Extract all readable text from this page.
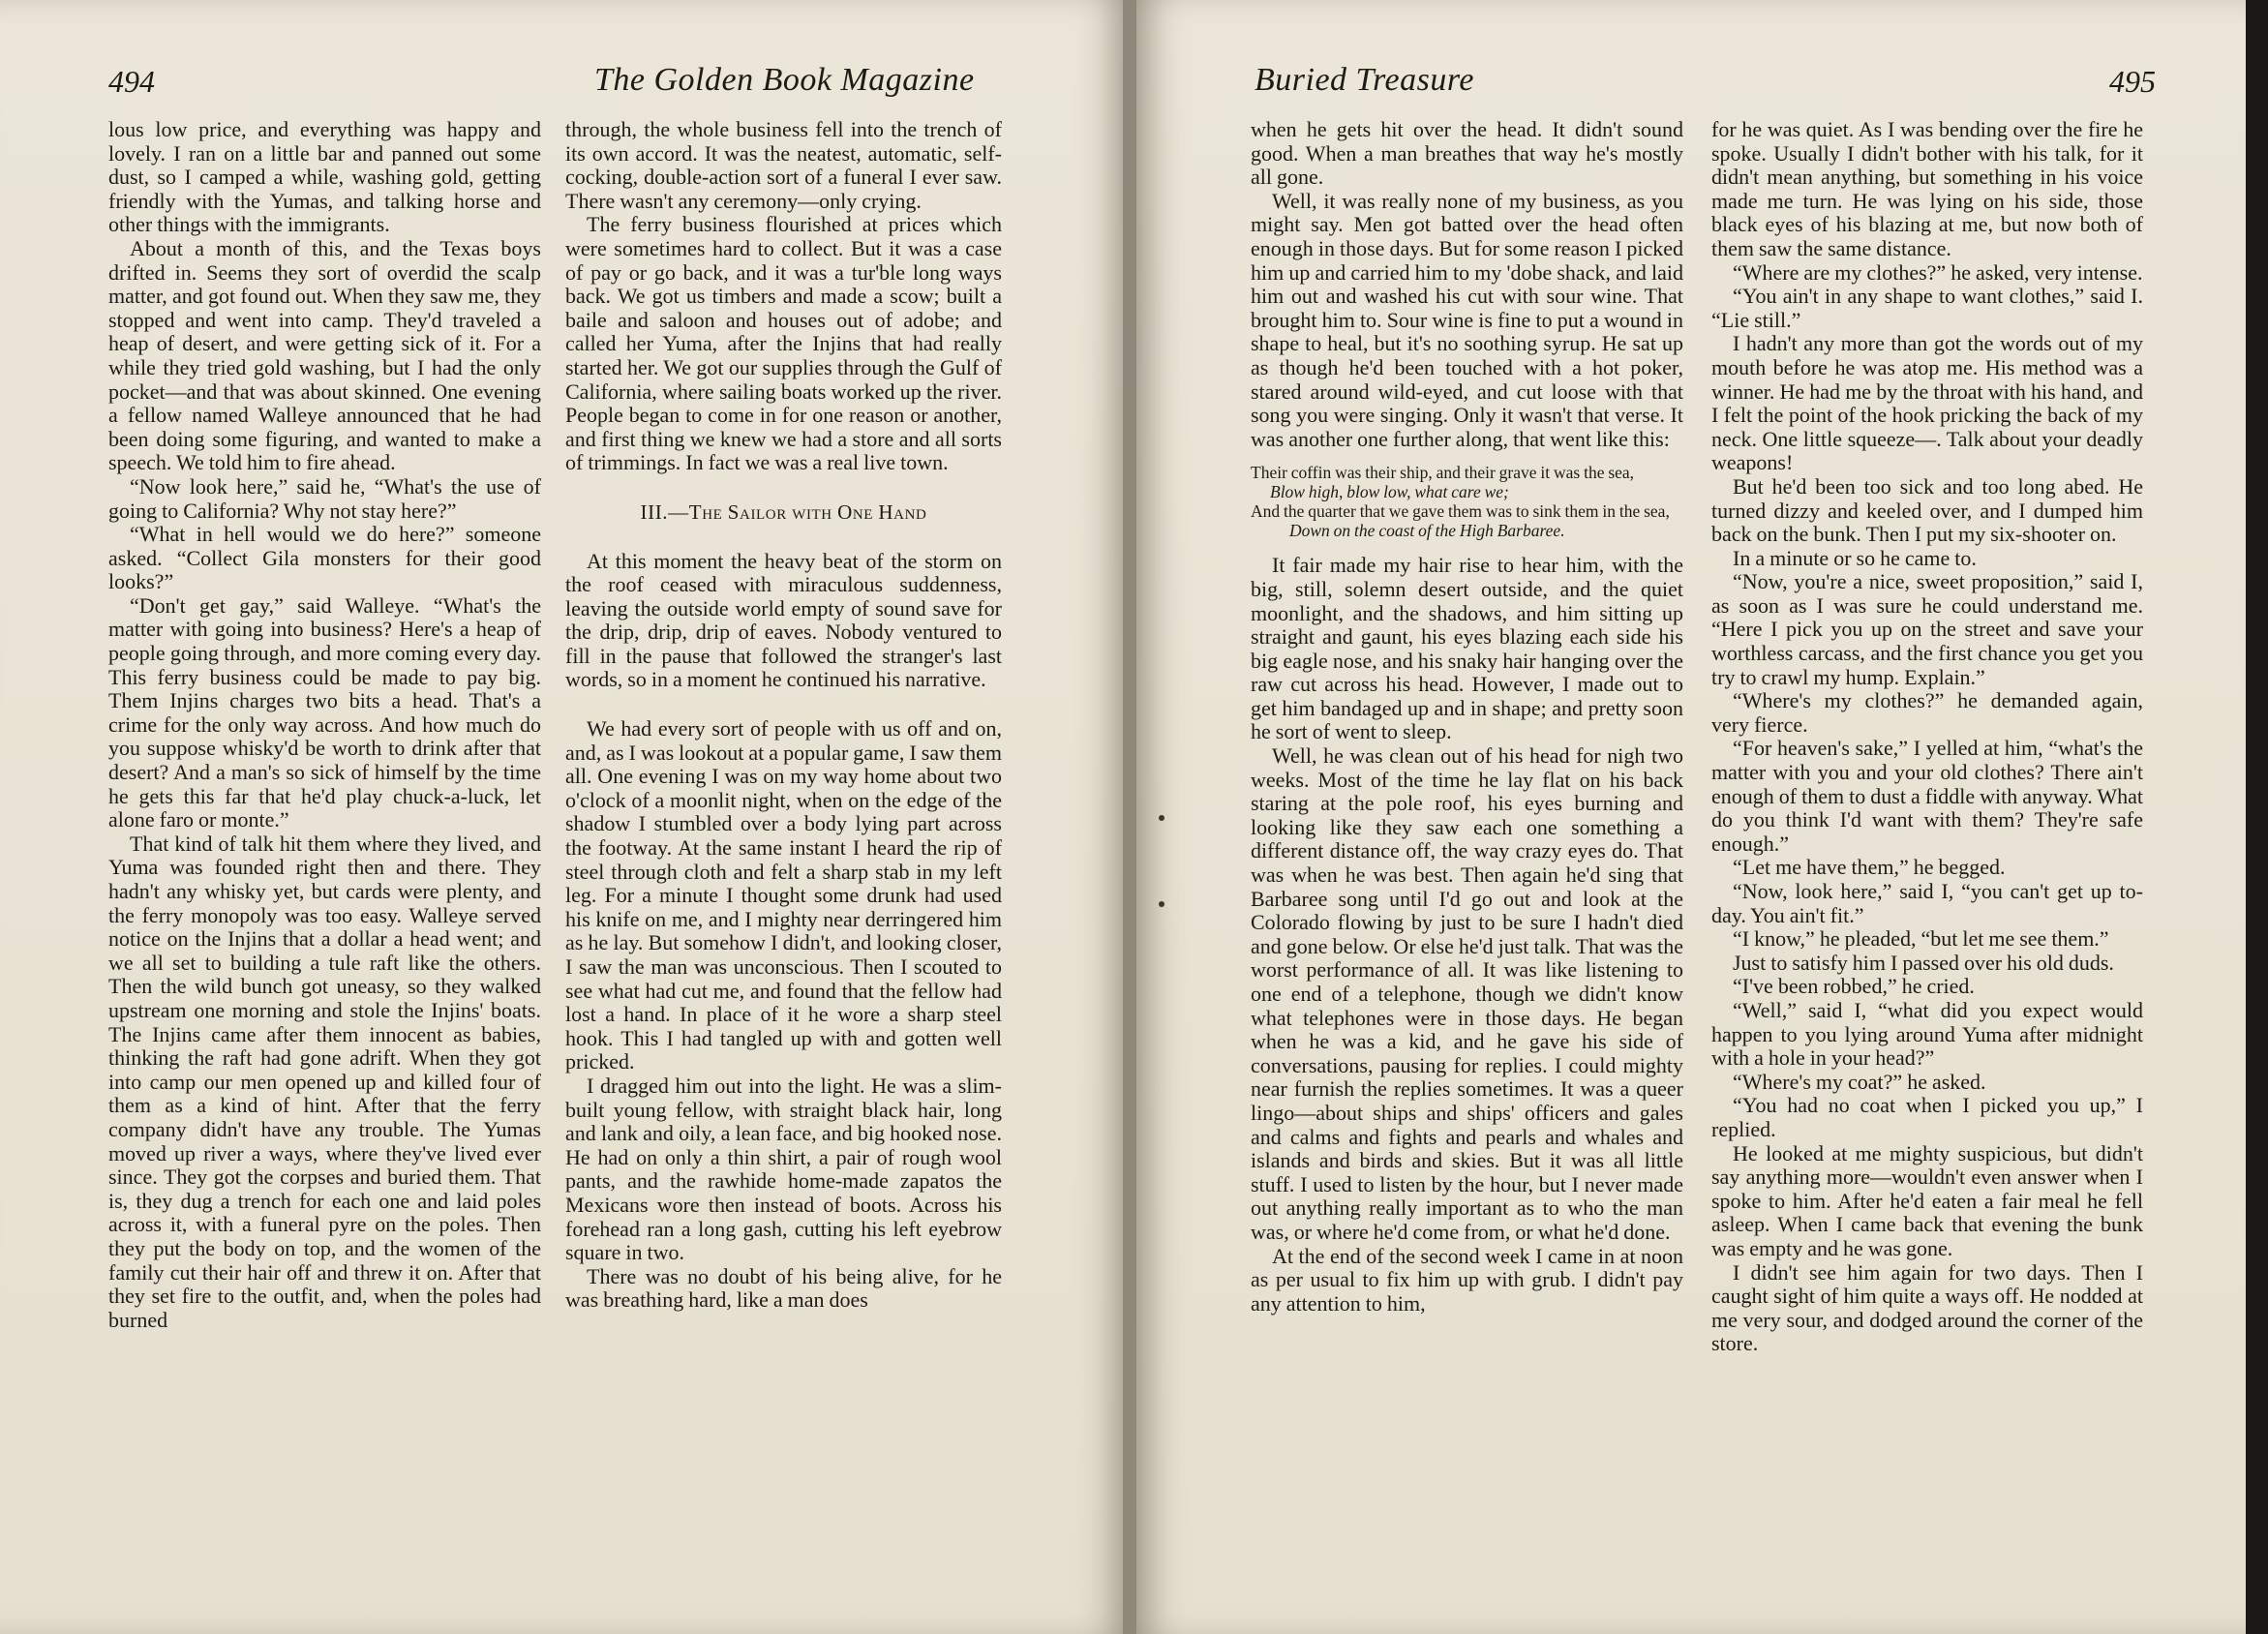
494	The Golden Book Magazine

lous low price, and everything was happy and lovely. I ran on a little bar and panned out some dust, so I camped a while, washing gold, getting friendly with the Yumas, and talking horse and other things with the immigrants.

About a month of this, and the Texas boys drifted in. Seems they sort of overdid the scalp matter, and got found out. When they saw me, they stopped and went into camp. They'd traveled a heap of desert, and were getting sick of it. For a while they tried gold washing, but I had the only pocket—and that was about skinned. One evening a fellow named Walleye announced that he had been doing some figuring, and wanted to make a speech. We told him to fire ahead.

“Now look here,” said he, “What's the use of going to California? Why not stay here?”

“What in hell would we do here?” someone asked. “Collect Gila monsters for their good looks?”

“Don't get gay,” said Walleye. “What's the matter with going into business? Here's a heap of people going through, and more coming every day. This ferry business could be made to pay big. Them Injins charges two bits a head. That's a crime for the only way across. And how much do you suppose whisky'd be worth to drink after that desert? And a man's so sick of himself by the time he gets this far that he'd play chuck-a-luck, let alone faro or monte.”

That kind of talk hit them where they lived, and Yuma was founded right then and there. They hadn't any whisky yet, but cards were plenty, and the ferry monopoly was too easy. Walleye served notice on the Injins that a dollar a head went; and we all set to building a tule raft like the others. Then the wild bunch got uneasy, so they walked upstream one morning and stole the Injins' boats. The Injins came after them innocent as babies, thinking the raft had gone adrift. When they got into camp our men opened up and killed four of them as a kind of hint. After that the ferry company didn't have any trouble. The Yumas moved up river a ways, where they've lived ever since. They got the corpses and buried them. That is, they dug a trench for each one and laid poles across it, with a funeral pyre on the poles. Then they put the body on top, and the women of the family cut their hair off and threw it on. After that they set fire to the outfit, and, when the poles had burned

through, the whole business fell into the trench of its own accord. It was the neatest, automatic, self-cocking, double-action sort of a funeral I ever saw. There wasn't any ceremony—only crying.

The ferry business flourished at prices which were sometimes hard to collect. But it was a case of pay or go back, and it was a tur'ble long ways back. We got us timbers and made a scow; built a baile and saloon and houses out of adobe; and called her Yuma, after the Injins that had really started her. We got our supplies through the Gulf of California, where sailing boats worked up the river. People began to come in for one reason or another, and first thing we knew we had a store and all sorts of trimmings. In fact we was a real live town.

III.—The Sailor with One Hand

At this moment the heavy beat of the storm on the roof ceased with miraculous suddenness, leaving the outside world empty of sound save for the drip, drip, drip of eaves. Nobody ventured to fill in the pause that followed the stranger's last words, so in a moment he continued his narrative.

We had every sort of people with us off and on, and, as I was lookout at a popular game, I saw them all. One evening I was on my way home about two o'clock of a moonlit night, when on the edge of the shadow I stumbled over a body lying part across the footway. At the same instant I heard the rip of steel through cloth and felt a sharp stab in my left leg. For a minute I thought some drunk had used his knife on me, and I mighty near derringered him as he lay. But somehow I didn't, and looking closer, I saw the man was unconscious. Then I scouted to see what had cut me, and found that the fellow had lost a hand. In place of it he wore a sharp steel hook. This I had tangled up with and gotten well pricked.

I dragged him out into the light. He was a slim-built young fellow, with straight black hair, long and lank and oily, a lean face, and big hooked nose. He had on only a thin shirt, a pair of rough wool pants, and the rawhide home-made zapatos the Mexicans wore then instead of boots. Across his forehead ran a long gash, cutting his left eyebrow square in two.

There was no doubt of his being alive, for he was breathing hard, like a man does

Buried Treasure	495

when he gets hit over the head. It didn't sound good. When a man breathes that way he's mostly all gone.

Well, it was really none of my business, as you might say. Men got batted over the head often enough in those days. But for some reason I picked him up and carried him to my 'dobe shack, and laid him out and washed his cut with sour wine. That brought him to. Sour wine is fine to put a wound in shape to heal, but it's no soothing syrup. He sat up as though he'd been touched with a hot poker, stared around wild-eyed, and cut loose with that song you were singing. Only it wasn't that verse. It was another one further along, that went like this:

Their coffin was their ship, and their grave it was the sea,
Blow high, blow low, what care we;
And the quarter that we gave them was to sink them in the sea,
Down on the coast of the High Barbaree.

It fair made my hair rise to hear him, with the big, still, solemn desert outside, and the quiet moonlight, and the shadows, and him sitting up straight and gaunt, his eyes blazing each side his big eagle nose, and his snaky hair hanging over the raw cut across his head. However, I made out to get him bandaged up and in shape; and pretty soon he sort of went to sleep.

Well, he was clean out of his head for nigh two weeks. Most of the time he lay flat on his back staring at the pole roof, his eyes burning and looking like they saw each one something a different distance off, the way crazy eyes do. That was when he was best. Then again he'd sing that Barbaree song until I'd go out and look at the Colorado flowing by just to be sure I hadn't died and gone below. Or else he'd just talk. That was the worst performance of all. It was like listening to one end of a telephone, though we didn't know what telephones were in those days. He began when he was a kid, and he gave his side of conversations, pausing for replies. I could mighty near furnish the replies sometimes. It was a queer lingo—about ships and ships' officers and gales and calms and fights and pearls and whales and islands and birds and skies. But it was all little stuff. I used to listen by the hour, but I never made out anything really important as to who the man was, or where he'd come from, or what he'd done.

At the end of the second week I came in at noon as per usual to fix him up with grub. I didn't pay any attention to him,

for he was quiet. As I was bending over the fire he spoke. Usually I didn't bother with his talk, for it didn't mean anything, but something in his voice made me turn. He was lying on his side, those black eyes of his blazing at me, but now both of them saw the same distance.

“Where are my clothes?” he asked, very intense.

“You ain't in any shape to want clothes,” said I. “Lie still.”

I hadn't any more than got the words out of my mouth before he was atop me. His method was a winner. He had me by the throat with his hand, and I felt the point of the hook pricking the back of my neck. One little squeeze—. Talk about your deadly weapons!

But he'd been too sick and too long abed. He turned dizzy and keeled over, and I dumped him back on the bunk. Then I put my six-shooter on.

In a minute or so he came to.

“Now, you're a nice, sweet proposition,” said I, as soon as I was sure he could understand me. “Here I pick you up on the street and save your worthless carcass, and the first chance you get you try to crawl my hump. Explain.”

“Where's my clothes?” he demanded again, very fierce.

“For heaven's sake,” I yelled at him, “what's the matter with you and your old clothes? There ain't enough of them to dust a fiddle with anyway. What do you think I'd want with them? They're safe enough.”

“Let me have them,” he begged.

“Now, look here,” said I, “you can't get up to-day. You ain't fit.”

“I know,” he pleaded, “but let me see them.”

Just to satisfy him I passed over his old duds.

“I've been robbed,” he cried.

“Well,” said I, “what did you expect would happen to you lying around Yuma after midnight with a hole in your head?”

“Where's my coat?” he asked.

“You had no coat when I picked you up,” I replied.

He looked at me mighty suspicious, but didn't say anything more—wouldn't even answer when I spoke to him. After he'd eaten a fair meal he fell asleep. When I came back that evening the bunk was empty and he was gone.

I didn't see him again for two days. Then I caught sight of him quite a ways off. He nodded at me very sour, and dodged around the corner of the store.
